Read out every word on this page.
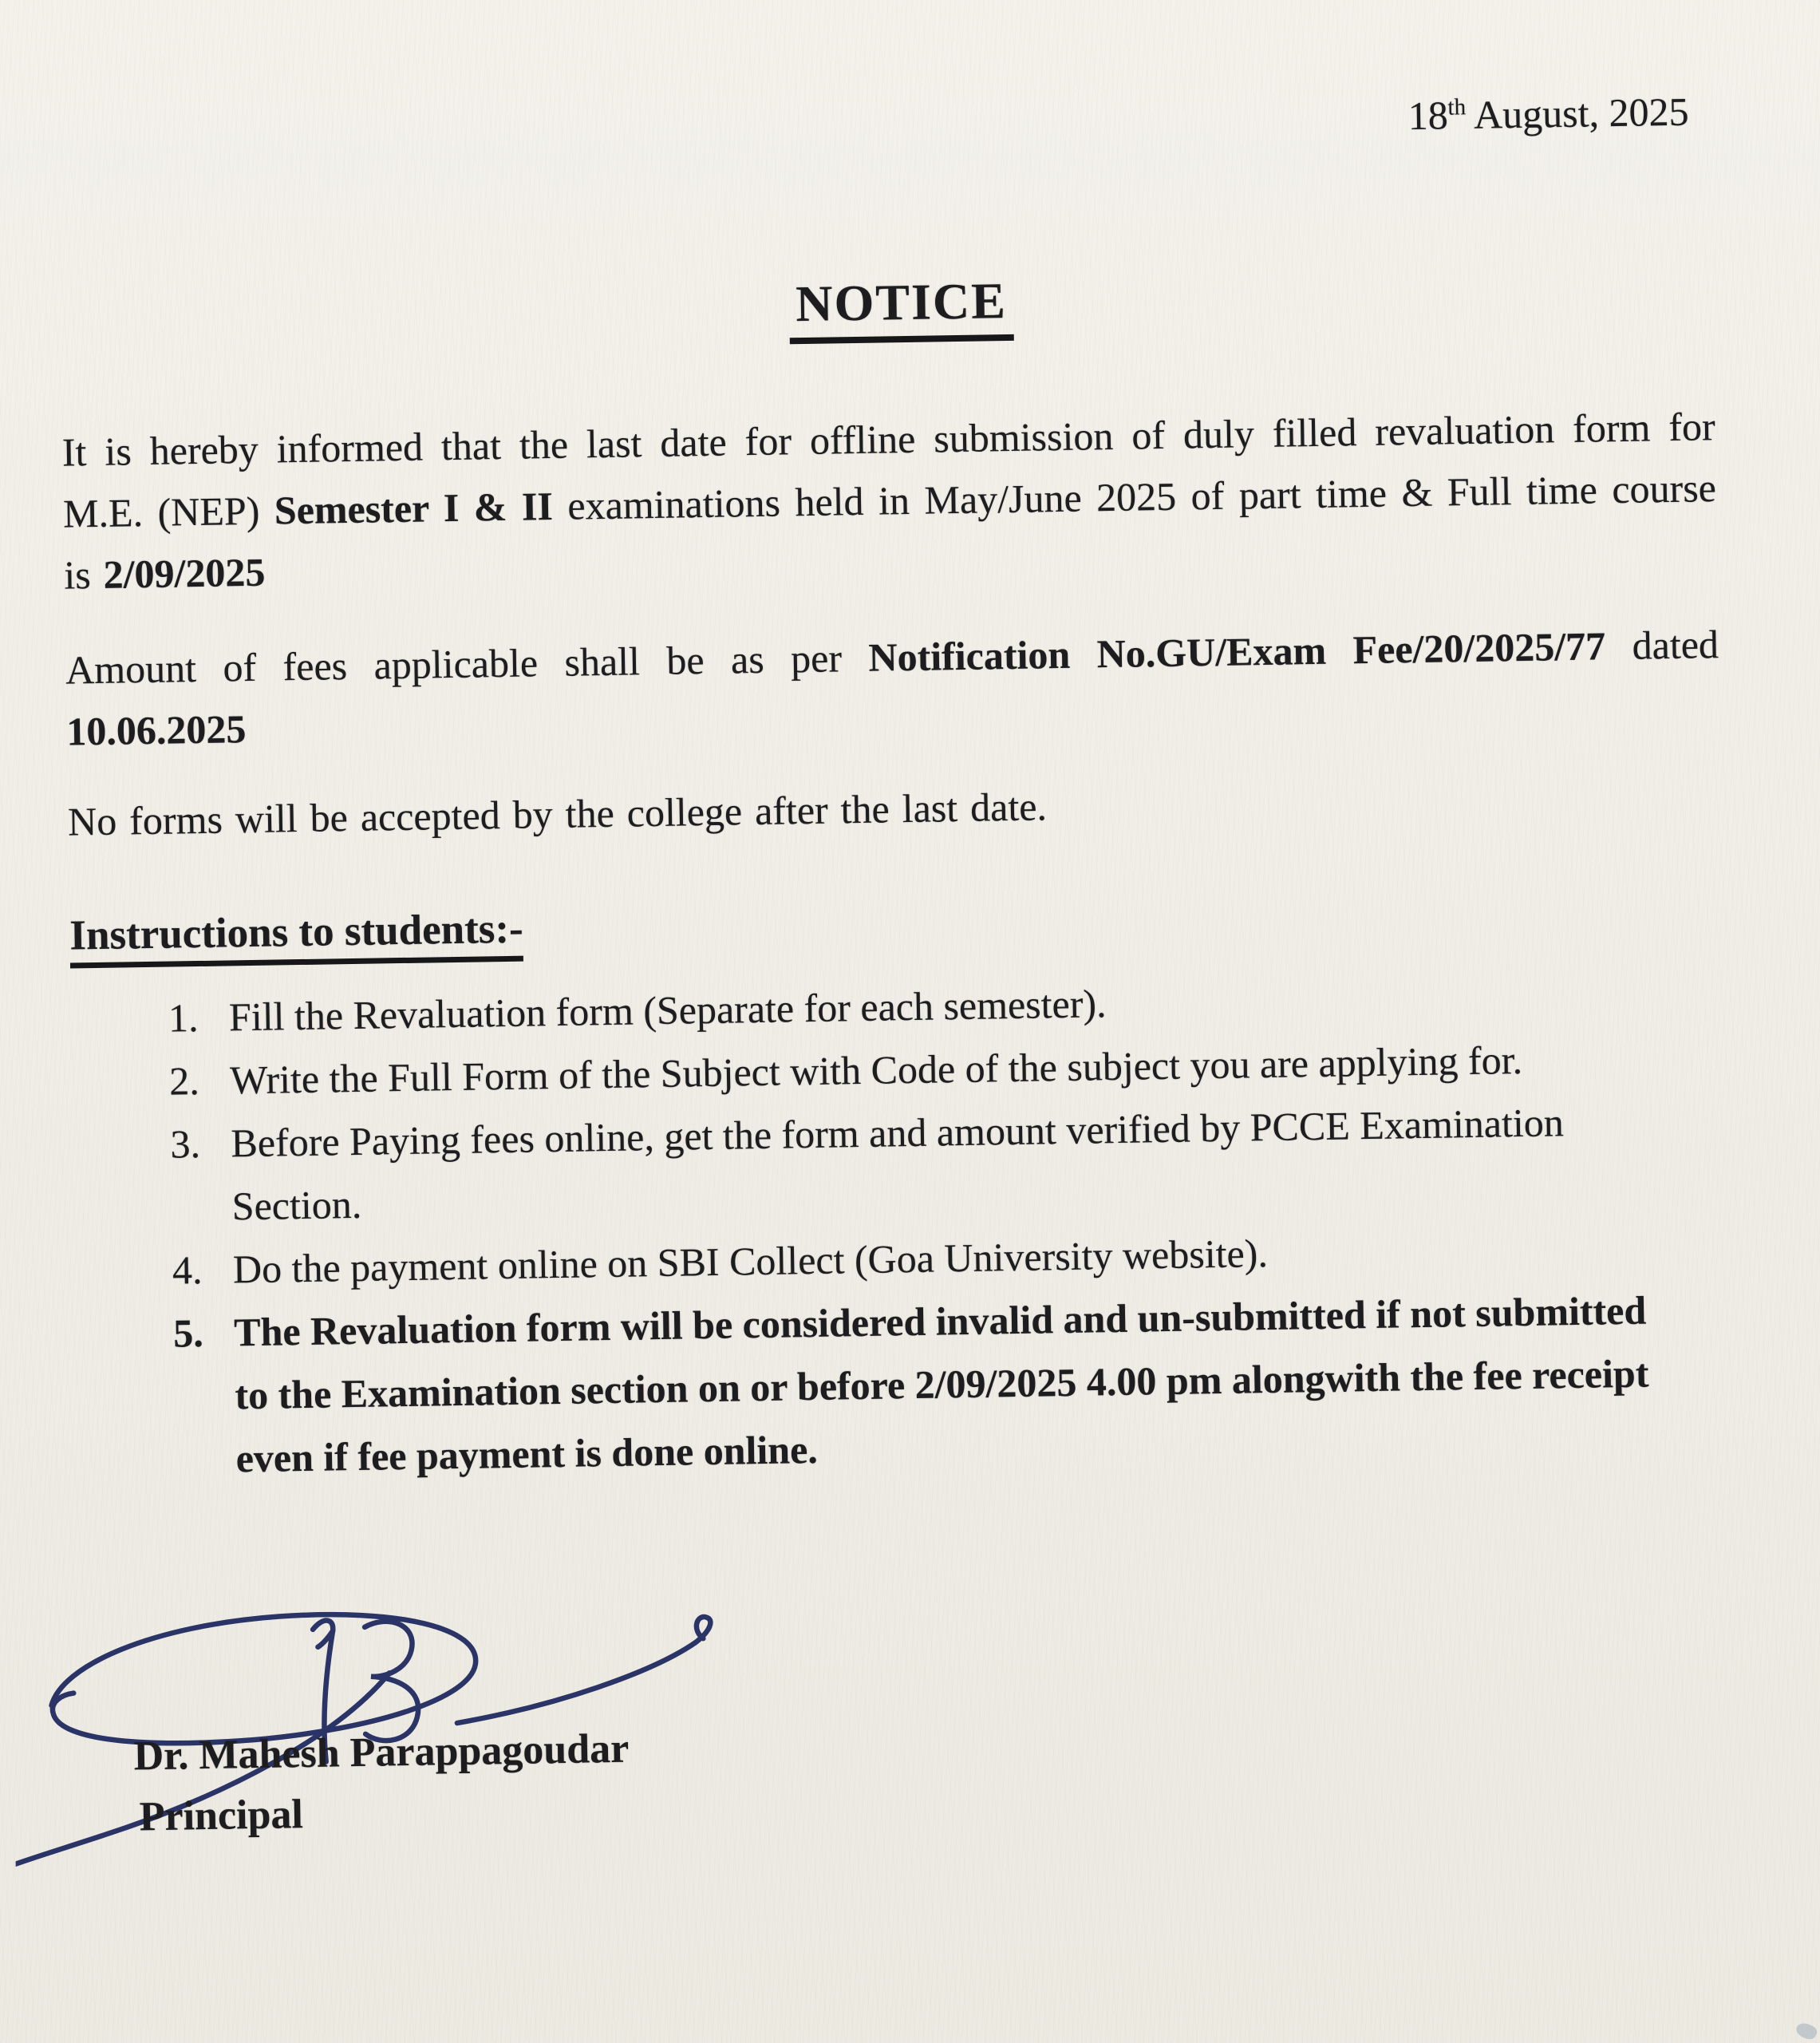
18th August, 2025
NOTICE

It is hereby informed that the last date for offline submission of duly filled revaluation form for M.E. (NEP) Semester I & II examinations held in May/June 2025 of part time & Full time course is 2/09/2025

Amount of fees applicable shall be as per Notification No.GU/Exam Fee/20/2025/77 dated 10.06.2025

No forms will be accepted by the college after the last date.

Instructions to students:-
1. Fill the Revaluation form (Separate for each semester).
2. Write the Full Form of the Subject with Code of the subject you are applying for.
3. Before Paying fees online, get the form and amount verified by PCCE Examination Section.
4. Do the payment online on SBI Collect (Goa University website).
5. The Revaluation form will be considered invalid and un-submitted if not submitted to the Examination section on or before 2/09/2025 4.00 pm alongwith the fee receipt even if fee payment is done online.
Dr. Mahesh Parappagoudar
Principal
